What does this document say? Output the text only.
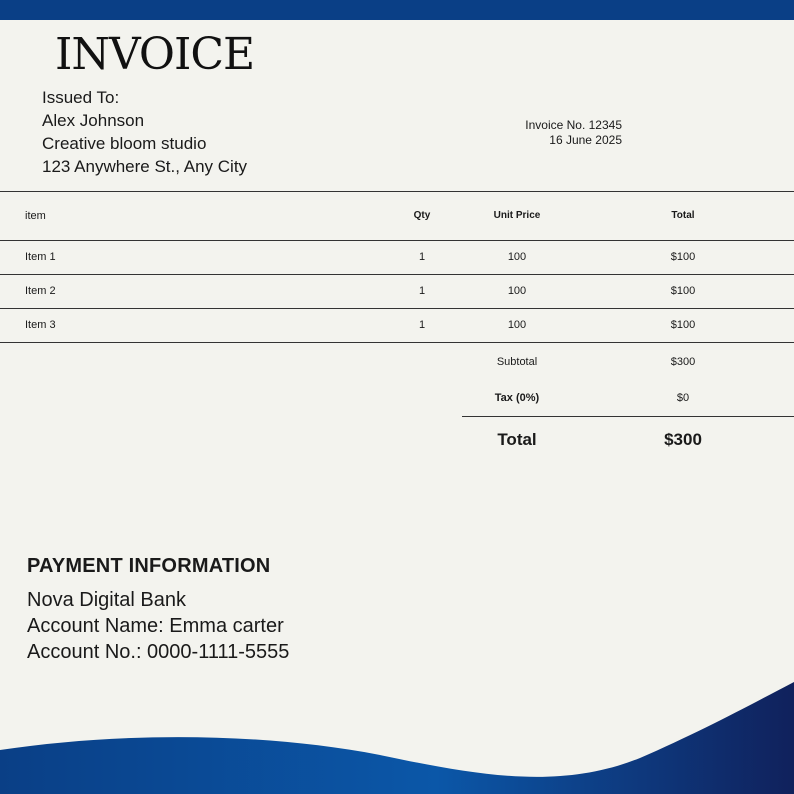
INVOICE
Issued To:
Alex Johnson
Creative bloom studio
123 Anywhere St., Any City
Invoice No. 12345
16 June 2025
item	Qty	Unit Price	Total
Item 1	1	100	$100
Item 2	1	100	$100
Item 3	1	100	$100
Subtotal	$300
Tax (0%)	$0
Total	$300
PAYMENT INFORMATION
Nova Digital Bank
Account Name: Emma carter
Account No.: 0000-1111-5555
